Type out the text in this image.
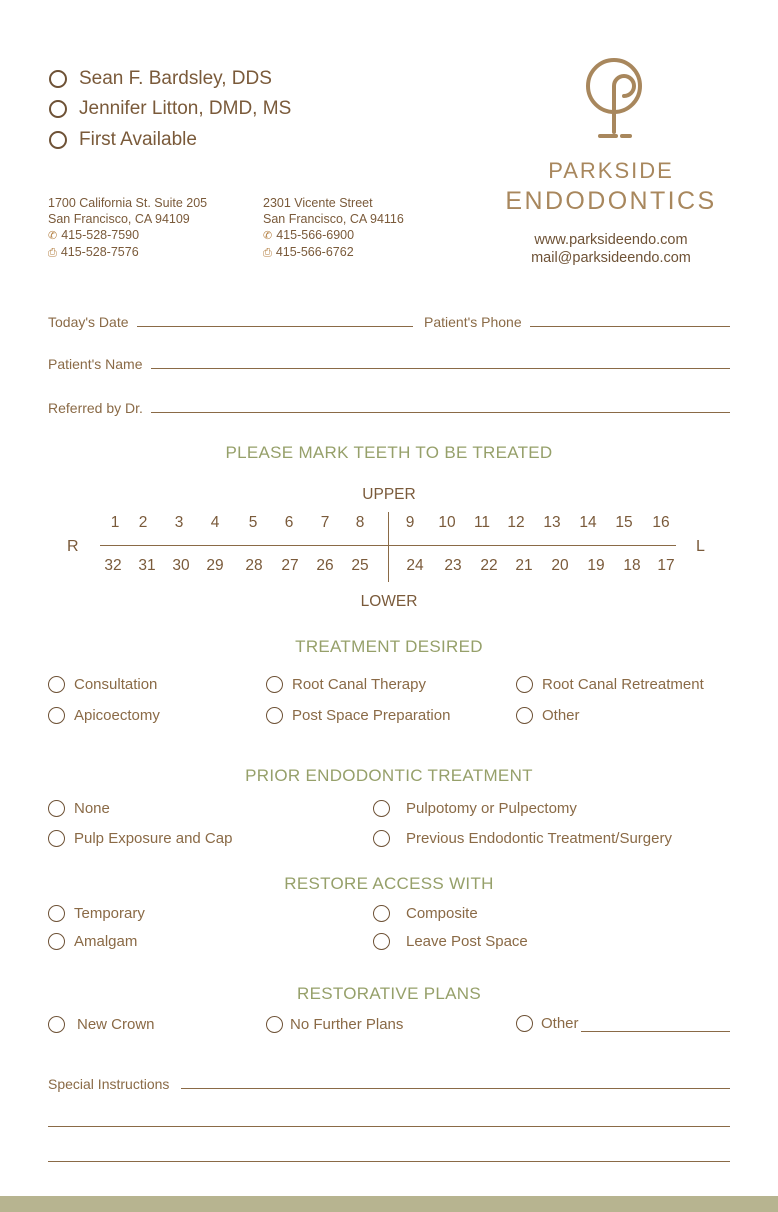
Sean F. Bardsley, DDS
Jennifer Litton, DMD, MS
First Available
PARKSIDE
ENDODONTICS
www.parksideendo.com
mail@parksideendo.com
1700 California St. Suite 205
San Francisco, CA 94109
✆ 415-528-7590
⎙ 415-528-7576
2301 Vicente Street
San Francisco, CA 94116
✆ 415-566-6900
⎙ 415-566-6762
Today's Date	Patient's Phone
Patient's Name
Referred by Dr.
PLEASE MARK TEETH TO BE TREATED
UPPER
LOWER
R	L
1	2	3	4	5	6	7	8	9	10	11	12	13	14	15	16
32	31	30	29	28	27	26	25	24	23	22	21	20	19	18	17
TREATMENT DESIRED
Consultation	Root Canal Therapy	Root Canal Retreatment
Apicoectomy	Post Space Preparation	Other
PRIOR ENDODONTIC TREATMENT
None	Pulpotomy or Pulpectomy
Pulp Exposure and Cap	Previous Endodontic Treatment/Surgery
RESTORE ACCESS WITH
Temporary	Composite
Amalgam	Leave Post Space
RESTORATIVE PLANS
New Crown	No Further Plans	Other
Special Instructions
